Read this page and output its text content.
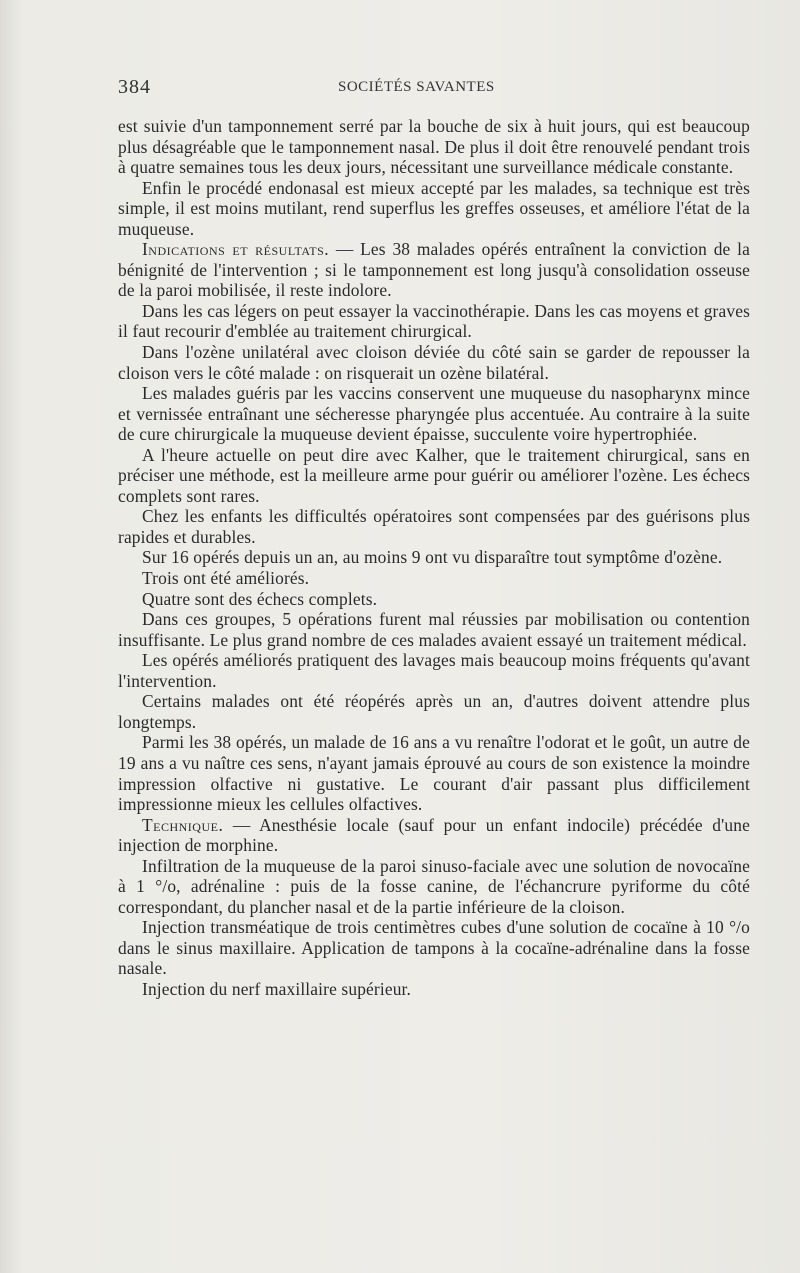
384	SOCIÉTÉS SAVANTES

est suivie d'un tamponnement serré par la bouche de six à huit jours, qui est beaucoup plus désagréable que le tamponnement nasal. De plus il doit être renouvelé pendant trois à quatre semaines tous les deux jours, nécessitant une surveillance médicale constante.

Enfin le procédé endonasal est mieux accepté par les malades, sa technique est très simple, il est moins mutilant, rend superflus les greffes osseuses, et améliore l'état de la muqueuse.

Indications et résultats. — Les 38 malades opérés entraînent la conviction de la bénignité de l'intervention ; si le tamponnement est long jusqu'à consolidation osseuse de la paroi mobilisée, il reste indolore.

Dans les cas légers on peut essayer la vaccinothérapie. Dans les cas moyens et graves il faut recourir d'emblée au traitement chirurgical.

Dans l'ozène unilatéral avec cloison déviée du côté sain se garder de repousser la cloison vers le côté malade : on risquerait un ozène bilatéral.

Les malades guéris par les vaccins conservent une muqueuse du nasopharynx mince et vernissée entraînant une sécheresse pharyngée plus accentuée. Au contraire à la suite de cure chirurgicale la muqueuse devient épaisse, succulente voire hypertrophiée.

A l'heure actuelle on peut dire avec Kalher, que le traitement chirurgical, sans en préciser une méthode, est la meilleure arme pour guérir ou améliorer l'ozène. Les échecs complets sont rares.

Chez les enfants les difficultés opératoires sont compensées par des guérisons plus rapides et durables.

Sur 16 opérés depuis un an, au moins 9 ont vu disparaître tout symptôme d'ozène.

Trois ont été améliorés.

Quatre sont des échecs complets.

Dans ces groupes, 5 opérations furent mal réussies par mobilisation ou contention insuffisante. Le plus grand nombre de ces malades avaient essayé un traitement médical.

Les opérés améliorés pratiquent des lavages mais beaucoup moins fréquents qu'avant l'intervention.

Certains malades ont été réopérés après un an, d'autres doivent attendre plus longtemps.

Parmi les 38 opérés, un malade de 16 ans a vu renaître l'odorat et le goût, un autre de 19 ans a vu naître ces sens, n'ayant jamais éprouvé au cours de son existence la moindre impression olfactive ni gustative. Le courant d'air passant plus difficilement impressionne mieux les cellules olfactives.

Technique. — Anesthésie locale (sauf pour un enfant indocile) précédée d'une injection de morphine.

Infiltration de la muqueuse de la paroi sinuso-faciale avec une solution de novocaïne à 1 °/o, adrénaline : puis de la fosse canine, de l'échancrure pyriforme du côté correspondant, du plancher nasal et de la partie inférieure de la cloison.

Injection transméatique de trois centimètres cubes d'une solution de cocaïne à 10 °/o dans le sinus maxillaire. Application de tampons à la cocaïne-adrénaline dans la fosse nasale.

Injection du nerf maxillaire supérieur.
